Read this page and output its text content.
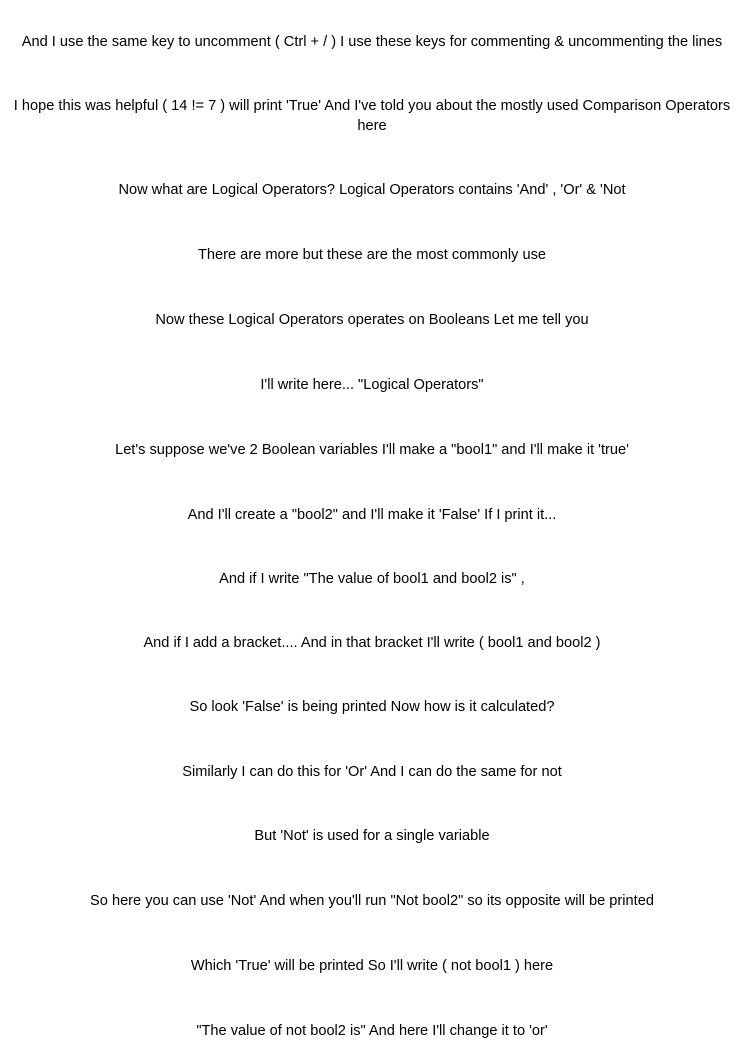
And I use the same key to uncomment ( Ctrl + / ) I use these keys for commenting & uncommenting the lines
I hope this was helpful ( 14 != 7 ) will print 'True' And I've told you about the mostly used Comparison Operators here
Now what are Logical Operators? Logical Operators contains 'And' , 'Or' & 'Not
There are more but these are the most commonly use
Now these Logical Operators operates on Booleans Let me tell you
I'll write here... "Logical Operators"
Let's suppose we've 2 Boolean variables I'll make a "bool1" and I'll make it 'true'
And I'll create a "bool2" and I'll make it 'False' If I print it...
And if I write "The value of bool1 and bool2 is" ,
And if I add a bracket.... And in that bracket I'll write ( bool1 and bool2 )
So look 'False' is being printed Now how is it calculated?
Similarly I can do this for 'Or' And I can do the same for not
But 'Not' is used for a single variable
So here you can use 'Not' And when you'll run "Not bool2" so its opposite will be printed
Which 'True' will be printed So I'll write ( not bool1 ) here
"The value of not bool2 is" And here I'll change it to 'or'
